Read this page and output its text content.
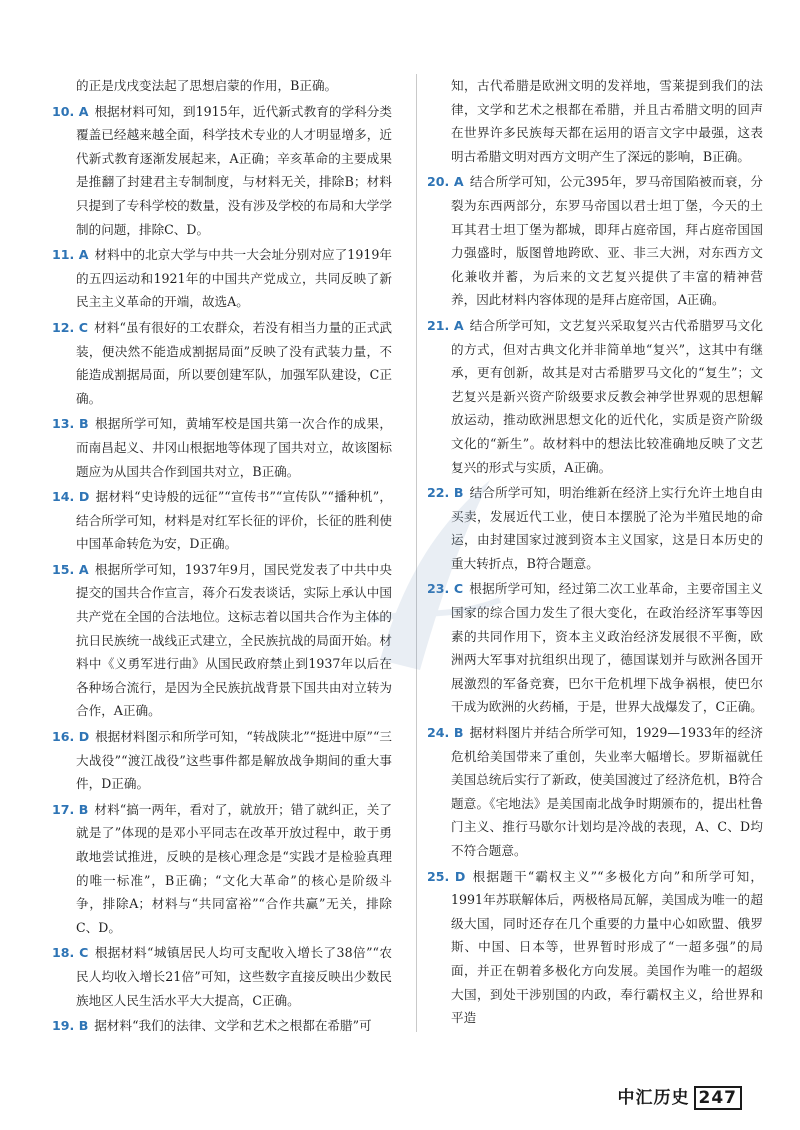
的正是戊戌变法起了思想启蒙的作用，B正确。
10. A 根据材料可知，到1915年，近代新式教育的学科分类覆盖已经越来越全面，科学技术专业的人才明显增多，近代新式教育逐渐发展起来，A正确；辛亥革命的主要成果是推翻了封建君主专制制度，与材料无关，排除B；材料只提到了专科学校的数量，没有涉及学校的布局和大学学制的问题，排除C、D。
11. A 材料中的北京大学与中共一大会址分别对应了1919年的五四运动和1921年的中国共产党成立，共同反映了新民主主义革命的开端，故选A。
12. C 材料“虽有很好的工农群众，若没有相当力量的正式武装，便决然不能造成割据局面”反映了没有武装力量，不能造成割据局面，所以要创建军队，加强军队建设，C正确。
13. B 根据所学可知，黄埔军校是国共第一次合作的成果，而南昌起义、井冈山根据地等体现了国共对立，故该图标题应为从国共合作到国共对立，B正确。
14. D 据材料“史诗般的远征”“宣传书”“宣传队”“播种机”，结合所学可知，材料是对红军长征的评价，长征的胜利使中国革命转危为安，D正确。
15. A 根据所学可知，1937年9月，国民党发表了中共中央提交的国共合作宣言，蒋介石发表谈话，实际上承认中国共产党在全国的合法地位。这标志着以国共合作为主体的抗日民族统一战线正式建立，全民族抗战的局面开始。材料中《义勇军进行曲》从国民政府禁止到1937年以后在各种场合流行，是因为全民族抗战背景下国共由对立转为合作，A正确。
16. D 根据材料图示和所学可知，“转战陕北”“挺进中原”“三大战役”“渡江战役”这些事件都是解放战争期间的重大事件，D正确。
17. B 材料“搞一两年，看对了，就放开；错了就纠正，关了就是了”体现的是邓小平同志在改革开放过程中，敢于勇敢地尝试推进，反映的是核心理念是“实践才是检验真理的唯一标准”，B正确；“文化大革命”的核心是阶级斗争，排除A；材料与“共同富裕”“合作共赢”无关，排除C、D。
18. C 根据材料“城镇居民人均可支配收入增长了38倍”“农民人均收入增长21倍”可知，这些数字直接反映出少数民族地区人民生活水平大大提高，C正确。
19. B 据材料“我们的法律、文学和艺术之根都在希腊”可
知，古代希腊是欧洲文明的发祥地，雪莱提到我们的法律，文学和艺术之根都在希腊，并且古希腊文明的回声在世界许多民族每天都在运用的语言文字中最强，这表明古希腊文明对西方文明产生了深远的影响，B正确。
20. A 结合所学可知，公元395年，罗马帝国陷被而衰，分裂为东西两部分，东罗马帝国以君士坦丁堡，今天的土耳其君士坦丁堡为都城，即拜占庭帝国，拜占庭帝国国力强盛时，版图曾地跨欧、亚、非三大洲，对东西方文化兼收并蓄，为后来的文艺复兴提供了丰富的精神营养，因此材料内容体现的是拜占庭帝国，A正确。
21. A 结合所学可知，文艺复兴采取复兴古代希腊罗马文化的方式，但对古典文化并非简单地“复兴”，这其中有继承，更有创新，故其是对古希腊罗马文化的“复生”；文艺复兴是新兴资产阶级要求反教会神学世界观的思想解放运动，推动欧洲思想文化的近代化，实质是资产阶级文化的“新生”。故材料中的想法比较准确地反映了文艺复兴的形式与实质，A正确。
22. B 结合所学可知，明治维新在经济上实行允许土地自由买卖，发展近代工业，使日本摆脱了沦为半殖民地的命运，由封建国家过渡到资本主义国家，这是日本历史的重大转折点，B符合题意。
23. C 根据所学可知，经过第二次工业革命，主要帝国主义国家的综合国力发生了很大变化，在政治经济军事等因素的共同作用下，资本主义政治经济发展很不平衡，欧洲两大军事对抗组织出现了，德国谋划并与欧洲各国开展激烈的军备竞赛，巴尔干危机埋下战争祸根，使巴尔干成为欧洲的火药桶，于是，世界大战爆发了，C正确。
24. B 据材料图片并结合所学可知，1929—1933年的经济危机给美国带来了重创，失业率大幅增长。罗斯福就任美国总统后实行了新政，使美国渡过了经济危机，B符合题意。《宅地法》是美国南北战争时期颁布的，提出杜鲁门主义、推行马歇尔计划均是冷战的表现，A、C、D均不符合题意。
25. D 根据题干“霸权主义”“多极化方向”和所学可知，1991年苏联解体后，两极格局瓦解，美国成为唯一的超级大国，同时还存在几个重要的力量中心如欧盟、俄罗斯、中国、日本等，世界暂时形成了“一超多强”的局面，并正在朝着多极化方向发展。美国作为唯一的超级大国，到处干涉别国的内政，奉行霸权主义，给世界和平造
中汇历史 247
